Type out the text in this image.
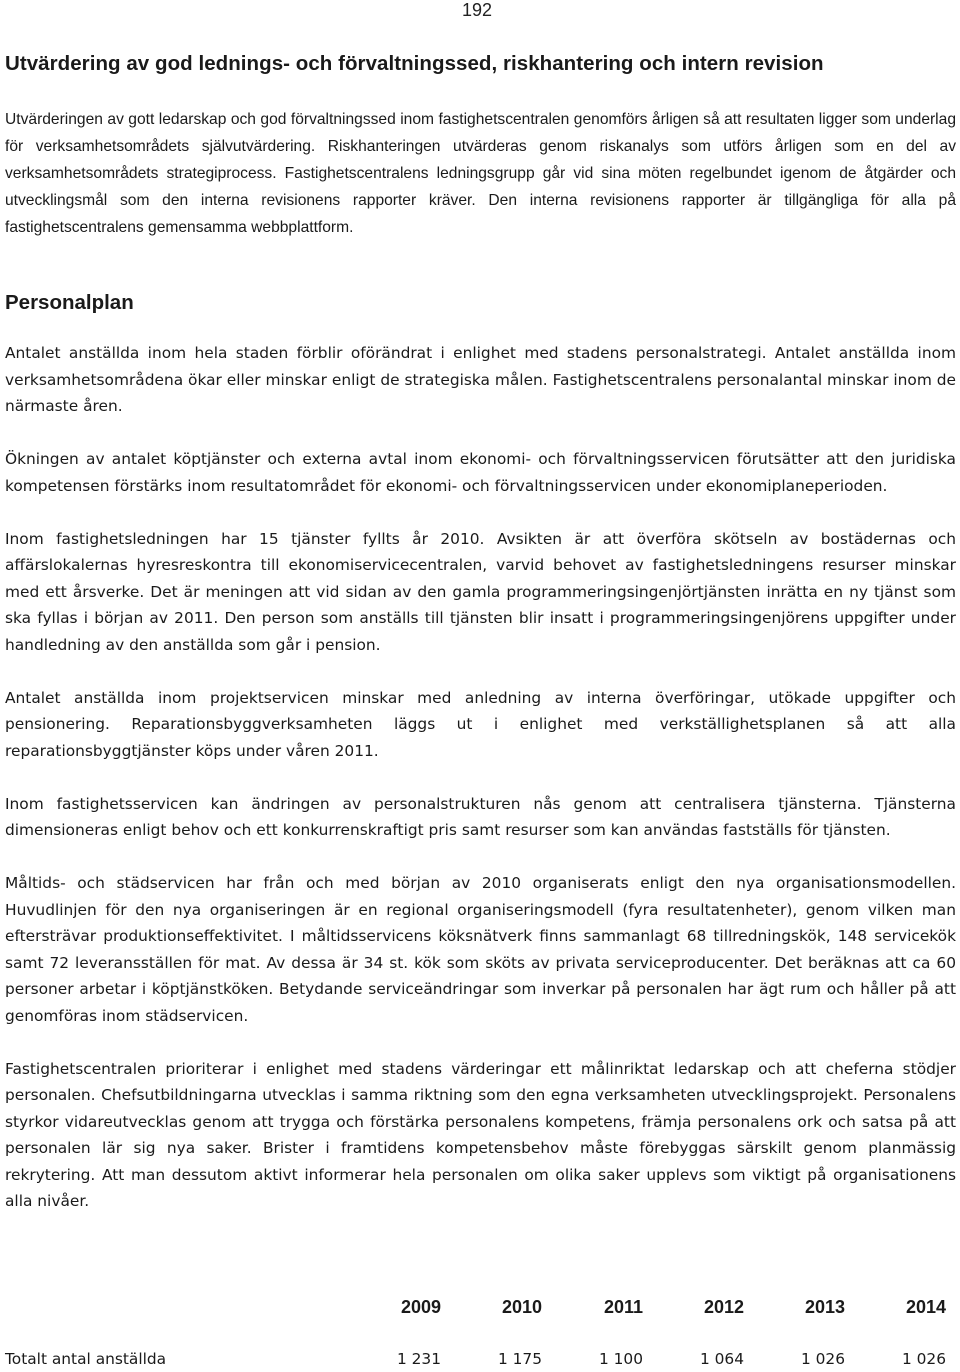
192
Utvärdering av god lednings- och förvaltningssed, riskhantering och intern revision
Utvärderingen av gott ledarskap och god förvaltningssed inom fastighetscentralen genomförs årligen så att resultaten ligger som underlag för verksamhetsområdets självutvärdering. Riskhanteringen utvärderas genom riskanalys som utförs årligen som en del av verksamhetsområdets strategiprocess. Fastighetscentralens ledningsgrupp går vid sina möten regelbundet igenom de åtgärder och utvecklingsmål som den interna revisionens rapporter kräver. Den interna revisionens rapporter är tillgängliga för alla på fastighetscentralens gemensamma webbplattform.
Personalplan

Antalet anställda inom hela staden förblir oförändrat i enlighet med stadens personalstrategi. Antalet anställda inom verksamhetsområdena ökar eller minskar enligt de strategiska målen. Fastighetscentralens personalantal minskar inom de närmaste åren.

Ökningen av antalet köptjänster och externa avtal inom ekonomi- och förvaltningsservicen förutsätter att den juridiska kompetensen förstärks inom resultatområdet för ekonomi- och förvaltningsservicen under ekonomiplaneperioden.

Inom fastighetsledningen har 15 tjänster fyllts år 2010. Avsikten är att överföra skötseln av bostädernas och affärslokalernas hyresreskontra till ekonomiservicecentralen, varvid behovet av fastighetsledningens resurser minskar med ett årsverke. Det är meningen att vid sidan av den gamla programmeringsingenjörtjänsten inrätta en ny tjänst som ska fyllas i början av 2011. Den person som anställs till tjänsten blir insatt i programmeringsingenjörens uppgifter under handledning av den anställda som går i pension.

Antalet anställda inom projektservicen minskar med anledning av interna överföringar, utökade uppgifter och pensionering. Reparationsbyggverksamheten läggs ut i enlighet med verkställighetsplanen så att alla reparationsbyggtjänster köps under våren 2011.

Inom fastighetsservicen kan ändringen av personalstrukturen nås genom att centralisera tjänsterna. Tjänsterna dimensioneras enligt behov och ett konkurrenskraftigt pris samt resurser som kan användas fastställs för tjänsten.

Måltids- och städservicen har från och med början av 2010 organiserats enligt den nya organisationsmodellen. Huvudlinjen för den nya organiseringen är en regional organiseringsmodell (fyra resultatenheter), genom vilken man eftersträvar produktionseffektivitet. I måltidsservicens köksnätverk finns sammanlagt 68 tillredningskök, 148 servicekök samt 72 leveransställen för mat. Av dessa är 34 st. kök som sköts av privata serviceproducenter. Det beräknas att ca 60 personer arbetar i köptjänstköken. Betydande serviceändringar som inverkar på personalen har ägt rum och håller på att genomföras inom städservicen.

Fastighetscentralen prioriterar i enlighet med stadens värderingar ett målinriktat ledarskap och att cheferna stödjer personalen. Chefsutbildningarna utvecklas i samma riktning som den egna verksamheten utvecklingsprojekt. Personalens styrkor vidareutvecklas genom att trygga och förstärka personalens kompetens, främja personalens ork och satsa på att personalen lär sig nya saker. Brister i framtidens kompetensbehov måste förebyggas särskilt genom planmässig rekrytering. Att man dessutom aktivt informerar hela personalen om olika saker upplevs som viktigt på organisationens alla nivåer.

	2009	2010	2011	2012	2013	2014

Totalt antal anställda	1 231	1 175	1 100	1 064	1 026	1 026
